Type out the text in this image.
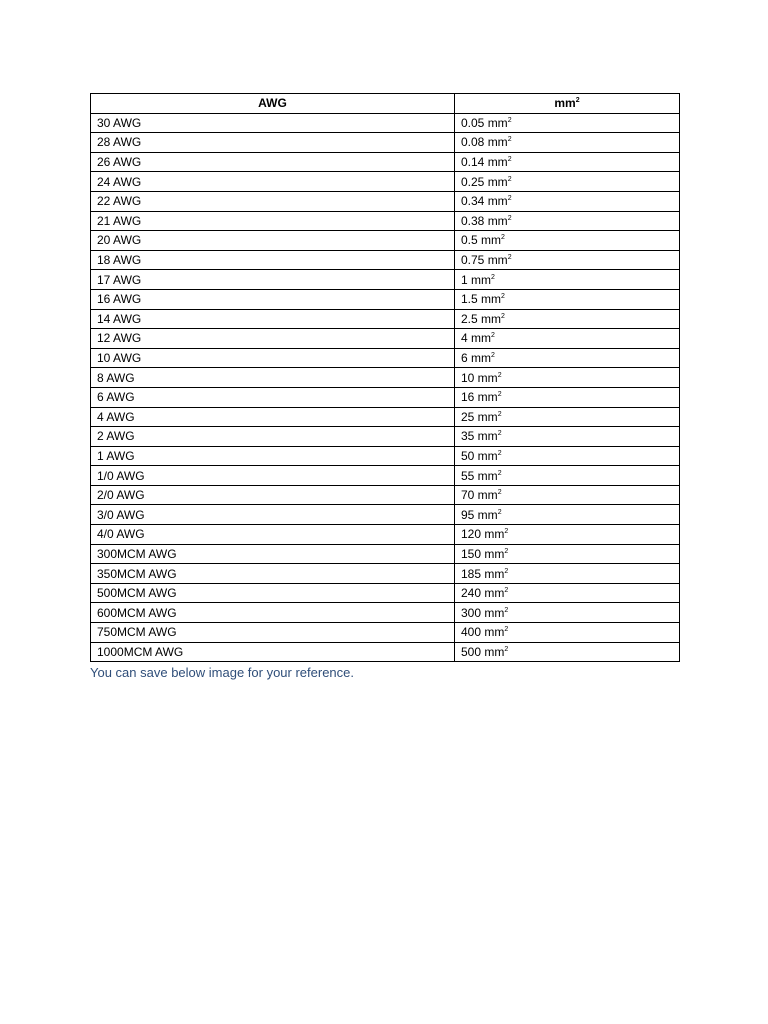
AWG	$mm^2$
30 AWG	0.05 $mm^2$
28 AWG	0.08 $mm^2$
26 AWG	0.14 $mm^2$
24 AWG	0.25 $mm^2$
22 AWG	0.34 $mm^2$
21 AWG	0.38 $mm^2$
20 AWG	0.5 $mm^2$
18 AWG	0.75 $mm^2$
17 AWG	1 $mm^2$
16 AWG	1.5 $mm^2$
14 AWG	2.5 $mm^2$
12 AWG	4 $mm^2$
10 AWG	6 $mm^2$
8 AWG	10 $mm^2$
6 AWG	16 $mm^2$
4 AWG	25 $mm^2$
2 AWG	35 $mm^2$
1 AWG	50 $mm^2$
1/0 AWG	55 $mm^2$
2/0 AWG	70 $mm^2$
3/0 AWG	95 $mm^2$
4/0 AWG	120 $mm^2$
300MCM AWG	150 $mm^2$
350MCM AWG	185 $mm^2$
500MCM AWG	240 $mm^2$
600MCM AWG	300 $mm^2$
750MCM AWG	400 $mm^2$
1000MCM AWG	500 $mm^2$
You can save below image for your reference.
